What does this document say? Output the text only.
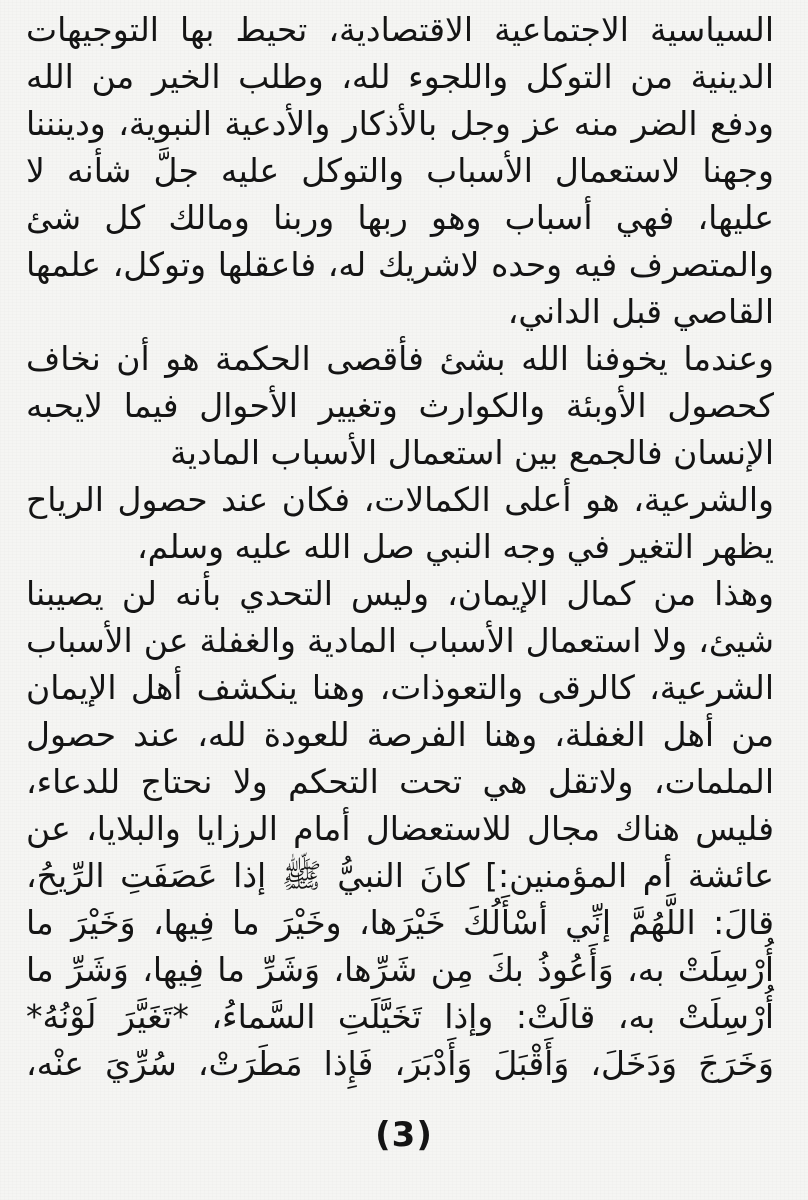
السياسية الاجتماعية الاقتصادية، تحيط بها التوجيهات
الدينية من التوكل واللجوء لله، وطلب الخير من الله
ودفع الضر منه عز وجل بالأذكار والأدعية النبوية، ودينننا
وجهنا لاستعمال الأسباب والتوكل عليه جلَّ شأنه لا
عليها، فهي أسباب وهو ربها وربنا ومالك كل شئ
والمتصرف فيه وحده لاشريك له، فاعقلها وتوكل، علمها
القاصي قبل الداني،
وعندما يخوفنا الله بشئ فأقصى الحكمة هو أن نخاف
كحصول الأوبئة والكوارث وتغيير الأحوال فيما لايحبه
الإنسان فالجمع بين استعمال الأسباب المادية
والشرعية، هو أعلى الكمالات، فكان عند حصول الرياح
يظهر التغير في وجه النبي صل الله عليه وسلم،
وهذا من كمال الإيمان، وليس التحدي بأنه لن يصيبنا
شيئ، ولا استعمال الأسباب المادية والغفلة عن الأسباب
الشرعية، كالرقى والتعوذات، وهنا ينكشف أهل الإيمان
من أهل الغفلة، وهنا الفرصة للعودة لله، عند حصول
الملمات، ولاتقل هي تحت التحكم ولا نحتاج للدعاء،
فليس هناك مجال للاستعضال أمام الرزايا والبلايا، عن
عائشة أم المؤمنين:] كانَ النبيُّ ﷺ إذا عَصَفَتِ الرِّيحُ،
قالَ: اللَّهُمَّ إنِّي أسْأَلُكَ خَيْرَها، وخَيْرَ ما فِيها، وَخَيْرَ ما
أُرْسِلَتْ به، وَأَعُوذُ بكَ مِن شَرِّها، وَشَرِّ ما فِيها، وَشَرِّ ما
أُرْسِلَتْ به، قالَتْ: وإذا تَخَيَّلَتِ السَّماءُ، *تَغَيَّرَ لَوْنُهُ*
وَخَرَجَ وَدَخَلَ، وَأَقْبَلَ وَأَدْبَرَ، فَإِذا مَطَرَتْ، سُرِّيَ عنْه،
(3)
